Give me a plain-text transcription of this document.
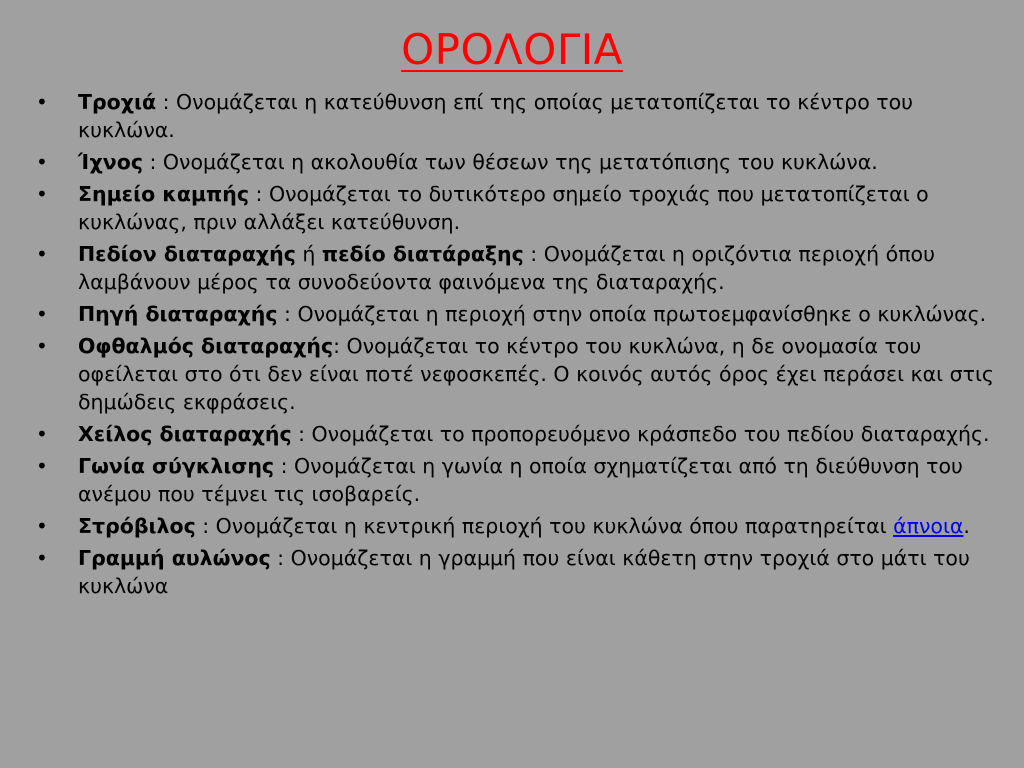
ΟΡΟΛΟΓΙΑ
• Τροχιά : Ονομάζεται η κατεύθυνση επί της οποίας μετατοπίζεται το κέντρο του κυκλώνα.
• Ίχνος : Ονομάζεται η ακολουθία των θέσεων της μετατόπισης του κυκλώνα.
• Σημείο καμπής : Ονομάζεται το δυτικότερο σημείο τροχιάς που μετατοπίζεται ο κυκλώνας, πριν αλλάξει κατεύθυνση.
• Πεδίον διαταραχής ή πεδίο διατάραξης : Ονομάζεται η οριζόντια περιοχή όπου λαμβάνουν μέρος τα συνοδεύοντα φαινόμενα της διαταραχής.
• Πηγή διαταραχής : Ονομάζεται η περιοχή στην οποία πρωτοεμφανίσθηκε ο κυκλώνας.
• Οφθαλμός διαταραχής: Ονομάζεται το κέντρο του κυκλώνα, η δε ονομασία του οφείλεται στο ότι δεν είναι ποτέ νεφοσκεπές. Ο κοινός αυτός όρος έχει περάσει και στις δημώδεις εκφράσεις.
• Χείλος διαταραχής : Ονομάζεται το προπορευόμενο κράσπεδο του πεδίου διαταραχής.
• Γωνία σύγκλισης : Ονομάζεται η γωνία η οποία σχηματίζεται από τη διεύθυνση του ανέμου που τέμνει τις ισοβαρείς.
• Στρόβιλος : Ονομάζεται η κεντρική περιοχή του κυκλώνα όπου παρατηρείται άπνοια.
• Γραμμή αυλώνος : Ονομάζεται η γραμμή που είναι κάθετη στην τροχιά στο μάτι του κυκλώνα
